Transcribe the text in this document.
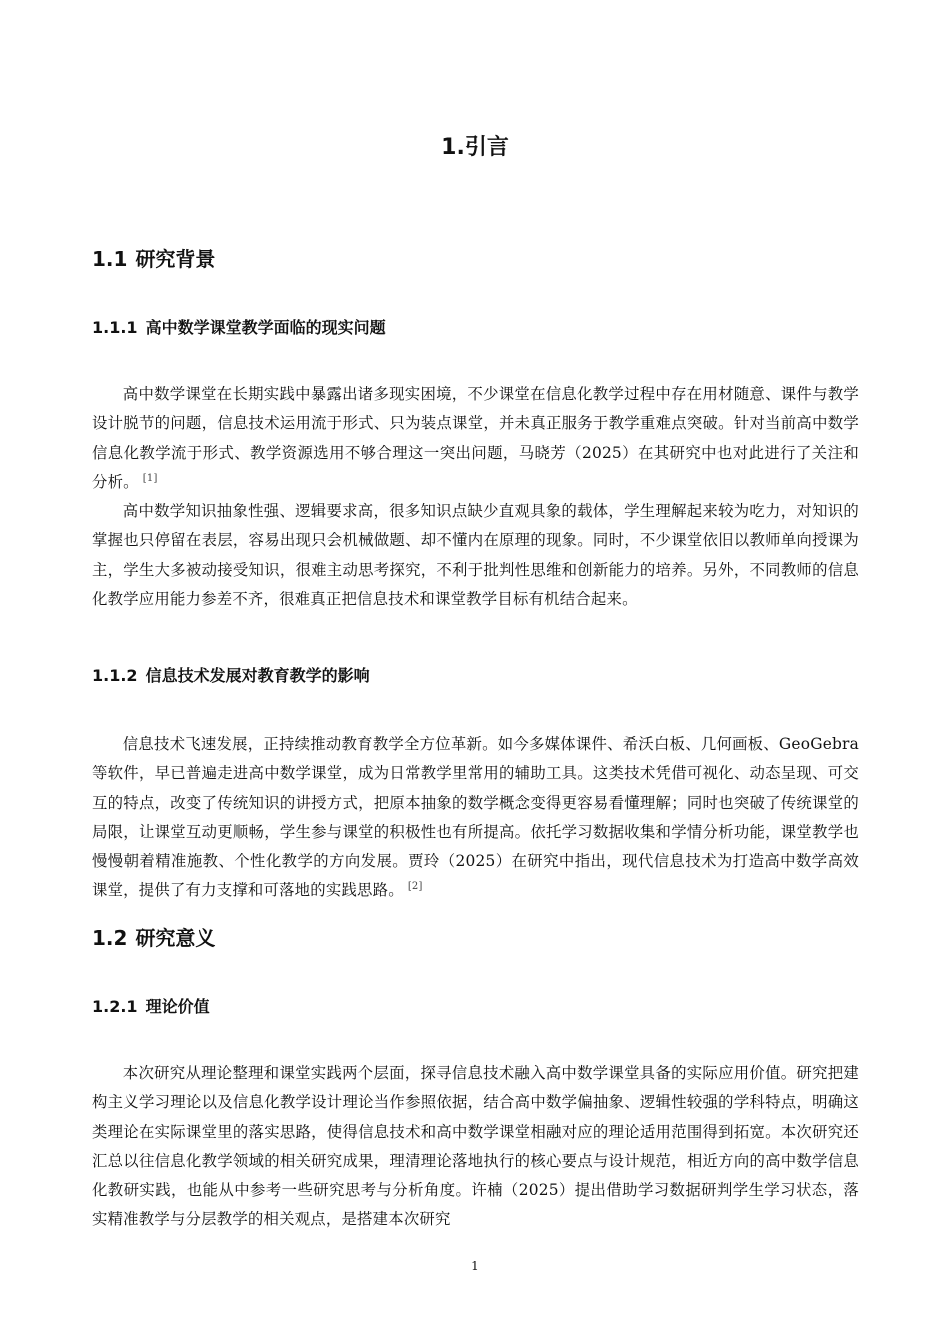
1.引言
1.1 研究背景
1.1.1 高中数学课堂教学面临的现实问题

高中数学课堂在长期实践中暴露出诸多现实困境，不少课堂在信息化教学过程中存在用材随意、课件与教学设计脱节的问题，信息技术运用流于形式、只为装点课堂，并未真正服务于教学重难点突破。针对当前高中数学信息化教学流于形式、教学资源选用不够合理这一突出问题，马晓芳（2025）在其研究中也对此进行了关注和分析。 [1]

高中数学知识抽象性强、逻辑要求高，很多知识点缺少直观具象的载体，学生理解起来较为吃力，对知识的掌握也只停留在表层，容易出现只会机械做题、却不懂内在原理的现象。同时，不少课堂依旧以教师单向授课为主，学生大多被动接受知识，很难主动思考探究，不利于批判性思维和创新能力的培养。另外，不同教师的信息化教学应用能力参差不齐，很难真正把信息技术和课堂教学目标有机结合起来。

1.1.2 信息技术发展对教育教学的影响

信息技术飞速发展，正持续推动教育教学全方位革新。如今多媒体课件、希沃白板、几何画板、GeoGebra 等软件，早已普遍走进高中数学课堂，成为日常教学里常用的辅助工具。这类技术凭借可视化、动态呈现、可交互的特点，改变了传统知识的讲授方式，把原本抽象的数学概念变得更容易看懂理解；同时也突破了传统课堂的局限，让课堂互动更顺畅，学生参与课堂的积极性也有所提高。依托学习数据收集和学情分析功能，课堂教学也慢慢朝着精准施教、个性化教学的方向发展。贾玲（2025）在研究中指出，现代信息技术为打造高中数学高效课堂，提供了有力支撑和可落地的实践思路。 [2]

1.2 研究意义
1.2.1 理论价值

本次研究从理论整理和课堂实践两个层面，探寻信息技术融入高中数学课堂具备的实际应用价值。研究把建构主义学习理论以及信息化教学设计理论当作参照依据，结合高中数学偏抽象、逻辑性较强的学科特点，明确这类理论在实际课堂里的落实思路，使得信息技术和高中数学课堂相融对应的理论适用范围得到拓宽。本次研究还汇总以往信息化教学领域的相关研究成果，理清理论落地执行的核心要点与设计规范，相近方向的高中数学信息化教研实践，也能从中参考一些研究思考与分析角度。许楠（2025）提出借助学习数据研判学生学习状态，落实精准教学与分层教学的相关观点，是搭建本次研究

1
